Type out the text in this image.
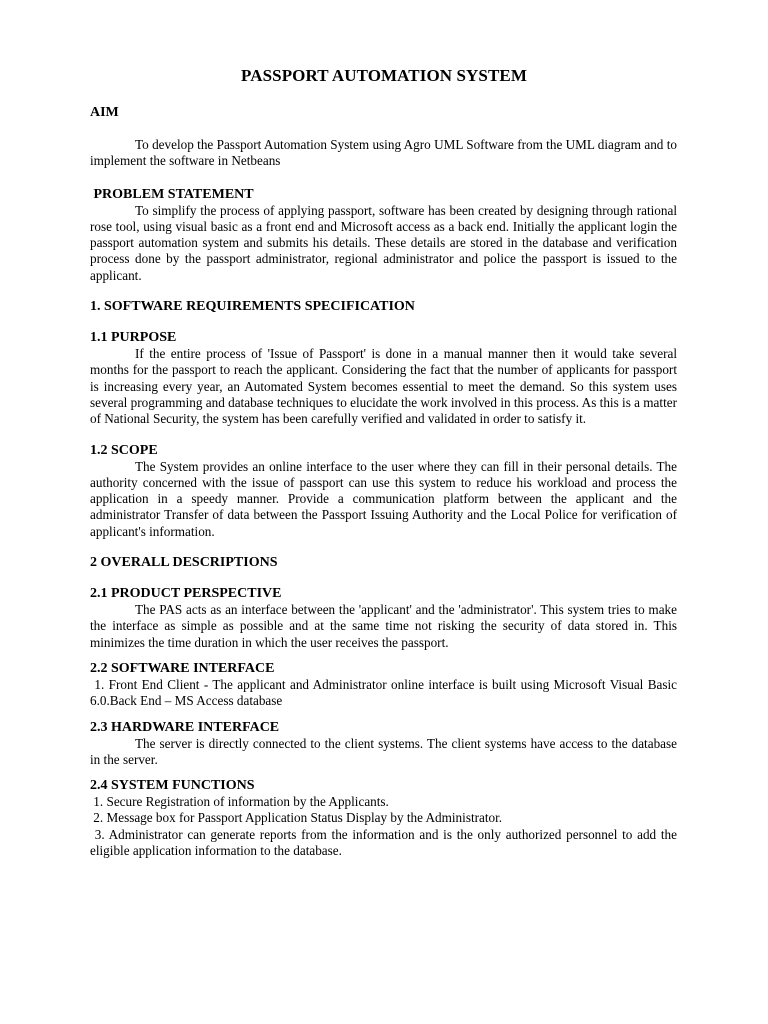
PASSPORT AUTOMATION SYSTEM
AIM

To develop the Passport Automation System using Agro UML Software from the UML diagram and to implement the software in Netbeans

PROBLEM STATEMENT

To simplify the process of applying passport, software has been created by designing through rational rose tool, using visual basic as a front end and Microsoft access as a back end. Initially the applicant login the passport automation system and submits his details. These details are stored in the database and verification process done by the passport administrator, regional administrator and police the passport is issued to the applicant.

1. SOFTWARE REQUIREMENTS SPECIFICATION
1.1 PURPOSE

If the entire process of 'Issue of Passport' is done in a manual manner then it would take several months for the passport to reach the applicant. Considering the fact that the number of applicants for passport is increasing every year, an Automated System becomes essential to meet the demand. So this system uses several programming and database techniques to elucidate the work involved in this process. As this is a matter of National Security, the system has been carefully verified and validated in order to satisfy it.

1.2 SCOPE

The System provides an online interface to the user where they can fill in their personal details. The authority concerned with the issue of passport can use this system to reduce his workload and process the application in a speedy manner. Provide a communication platform between the applicant and the administrator Transfer of data between the Passport Issuing Authority and the Local Police for verification of applicant's information.

2 OVERALL DESCRIPTIONS
2.1 PRODUCT PERSPECTIVE

The PAS acts as an interface between the 'applicant' and the 'administrator'. This system tries to make the interface as simple as possible and at the same time not risking the security of data stored in. This minimizes the time duration in which the user receives the passport.

2.2 SOFTWARE INTERFACE

1. Front End Client - The applicant and Administrator online interface is built using Microsoft Visual Basic 6.0.Back End – MS Access database

2.3 HARDWARE INTERFACE

The server is directly connected to the client systems. The client systems have access to the database in the server.

2.4 SYSTEM FUNCTIONS

1. Secure Registration of information by the Applicants.

2. Message box for Passport Application Status Display by the Administrator.

3. Administrator can generate reports from the information and is the only authorized personnel to add the eligible application information to the database.
